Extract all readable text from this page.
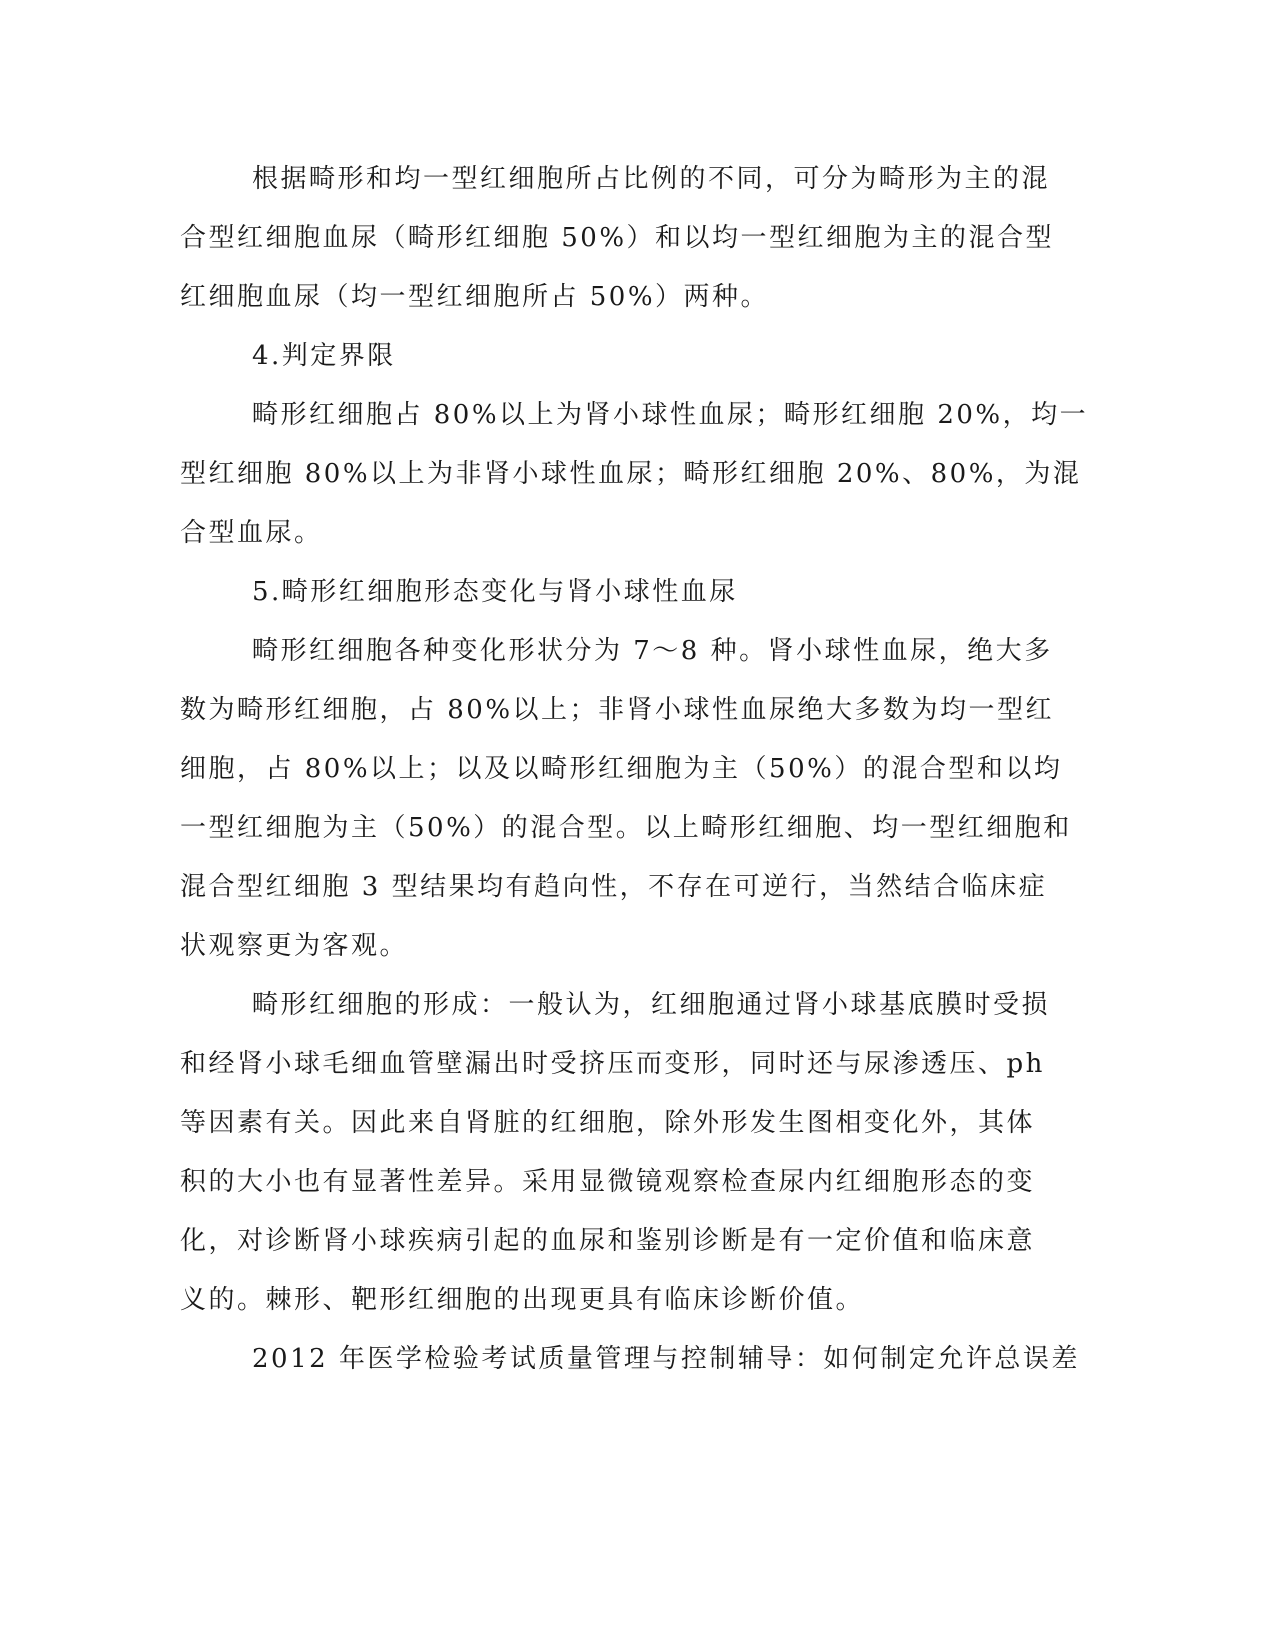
根据畸形和均一型红细胞所占比例的不同，可分为畸形为主的混
合型红细胞血尿（畸形红细胞 50%）和以均一型红细胞为主的混合型
红细胞血尿（均一型红细胞所占 50%）两种。
4.判定界限
畸形红细胞占 80%以上为肾小球性血尿；畸形红细胞 20%，均一
型红细胞 80%以上为非肾小球性血尿；畸形红细胞 20%、80%，为混
合型血尿。
5.畸形红细胞形态变化与肾小球性血尿
畸形红细胞各种变化形状分为 7～8 种。肾小球性血尿，绝大多
数为畸形红细胞，占 80%以上；非肾小球性血尿绝大多数为均一型红
细胞，占 80%以上；以及以畸形红细胞为主（50%）的混合型和以均
一型红细胞为主（50%）的混合型。以上畸形红细胞、均一型红细胞和
混合型红细胞 3 型结果均有趋向性，不存在可逆行，当然结合临床症
状观察更为客观。
畸形红细胞的形成：一般认为，红细胞通过肾小球基底膜时受损
和经肾小球毛细血管壁漏出时受挤压而变形，同时还与尿渗透压、ph
等因素有关。因此来自肾脏的红细胞，除外形发生图相变化外，其体
积的大小也有显著性差异。采用显微镜观察检查尿内红细胞形态的变
化，对诊断肾小球疾病引起的血尿和鉴别诊断是有一定价值和临床意
义的。棘形、靶形红细胞的出现更具有临床诊断价值。
2012 年医学检验考试质量管理与控制辅导：如何制定允许总误差
